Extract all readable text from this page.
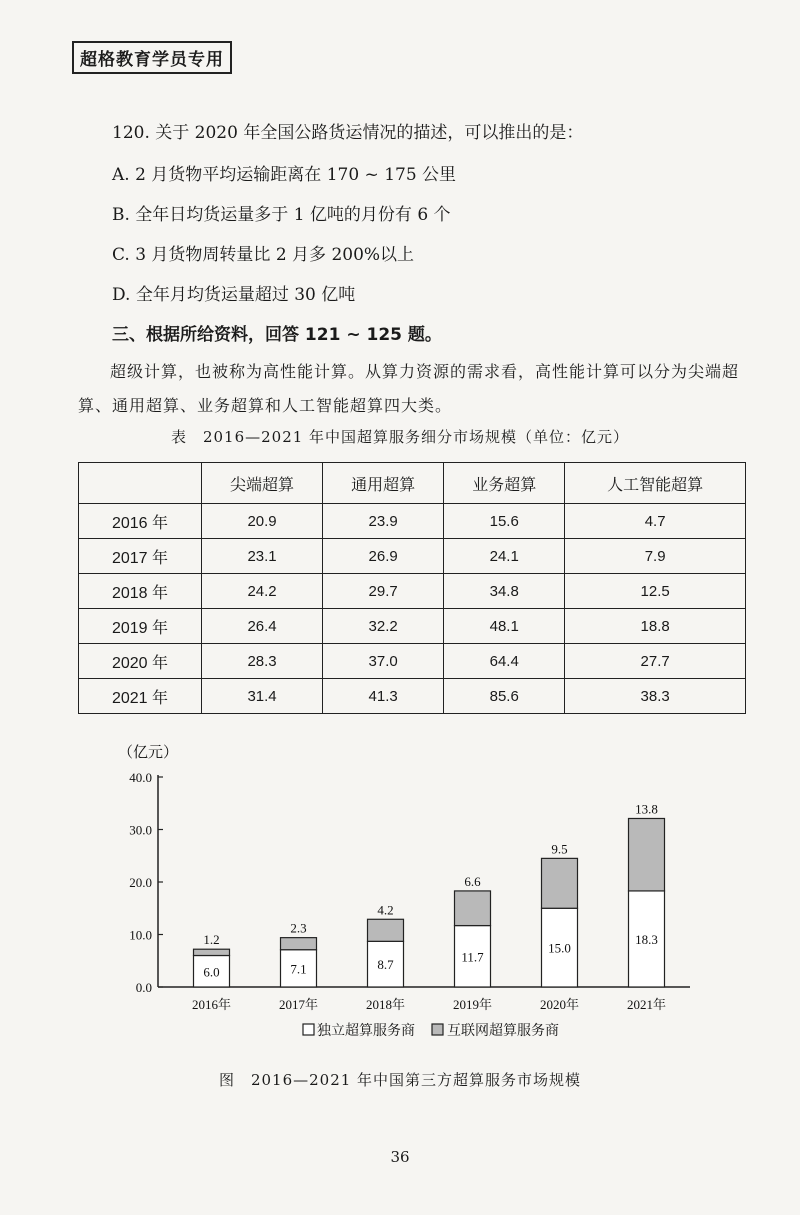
超格教育学员专用
120. 关于 2020 年全国公路货运情况的描述，可以推出的是：
A. 2 月货物平均运输距离在 170 ~ 175 公里
B. 全年日均货运量多于 1 亿吨的月份有 6 个
C. 3 月货物周转量比 2 月多 200%以上
D. 全年月均货运量超过 30 亿吨
三、根据所给资料，回答 121 ~ 125 题。
超级计算，也被称为高性能计算。从算力资源的需求看，高性能计算可以分为尖端超算、通用超算、业务超算和人工智能超算四大类。
表　2016—2021 年中国超算服务细分市场规模（单位：亿元）
	尖端超算	通用超算	业务超算	人工智能超算
2016 年	20.9	23.9	15.6	4.7
2017 年	23.1	26.9	24.1	7.9
2018 年	24.2	29.7	34.8	12.5
2019 年	26.4	32.2	48.1	18.8
2020 年	28.3	37.0	64.4	27.7
2021 年	31.4	41.3	85.6	38.3
（亿元）
0.0
10.0
20.0
30.0
40.0
6.0
1.2
2016年
7.1
2.3
2017年
8.7
4.2
2018年
11.7
6.6
2019年
15.0
9.5
2020年
18.3
13.8
2021年
独立超算服务商 互联网超算服务商
图　2016—2021 年中国第三方超算服务市场规模
36
